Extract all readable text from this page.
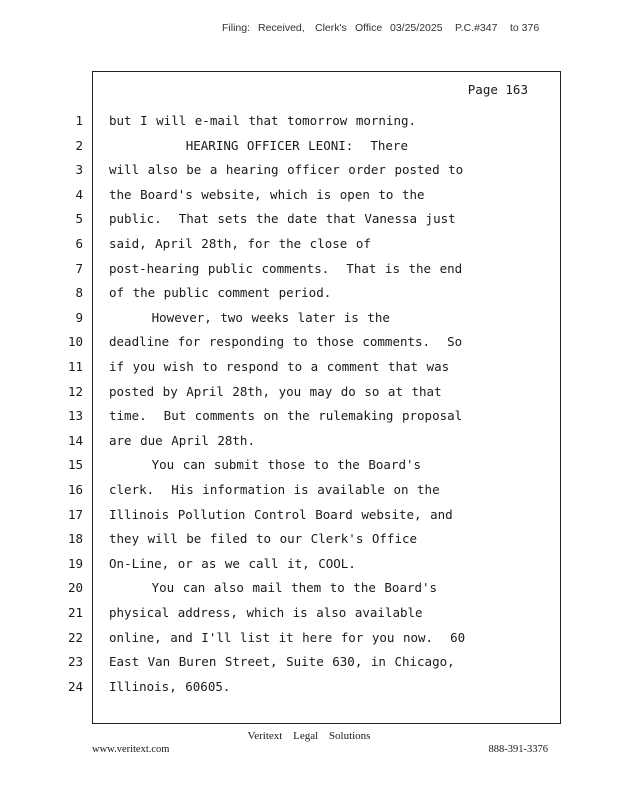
Filing: Received, Clerk's Office 03/25/2025 P.C.#347 to 376
Page 163
1 but I will e-mail that tomorrow morning.
2 HEARING OFFICER LEONI:  There
3 will also be a hearing officer order posted to
4 the Board's website, which is open to the
5 public.  That sets the date that Vanessa just
6 said, April 28th, for the close of
7 post-hearing public comments.  That is the end
8 of the public comment period.
9 However, two weeks later is the
10 deadline for responding to those comments.  So
11 if you wish to respond to a comment that was
12 posted by April 28th, you may do so at that
13 time.  But comments on the rulemaking proposal
14 are due April 28th.
15 You can submit those to the Board's
16 clerk.  His information is available on the
17 Illinois Pollution Control Board website, and
18 they will be filed to our Clerk's Office
19 On-Line, or as we call it, COOL.
20 You can also mail them to the Board's
21 physical address, which is also available
22 online, and I'll list it here for you now.  60
23 East Van Buren Street, Suite 630, in Chicago,
24 Illinois, 60605.
Veritext Legal Solutions
www.veritext.com	888-391-3376
